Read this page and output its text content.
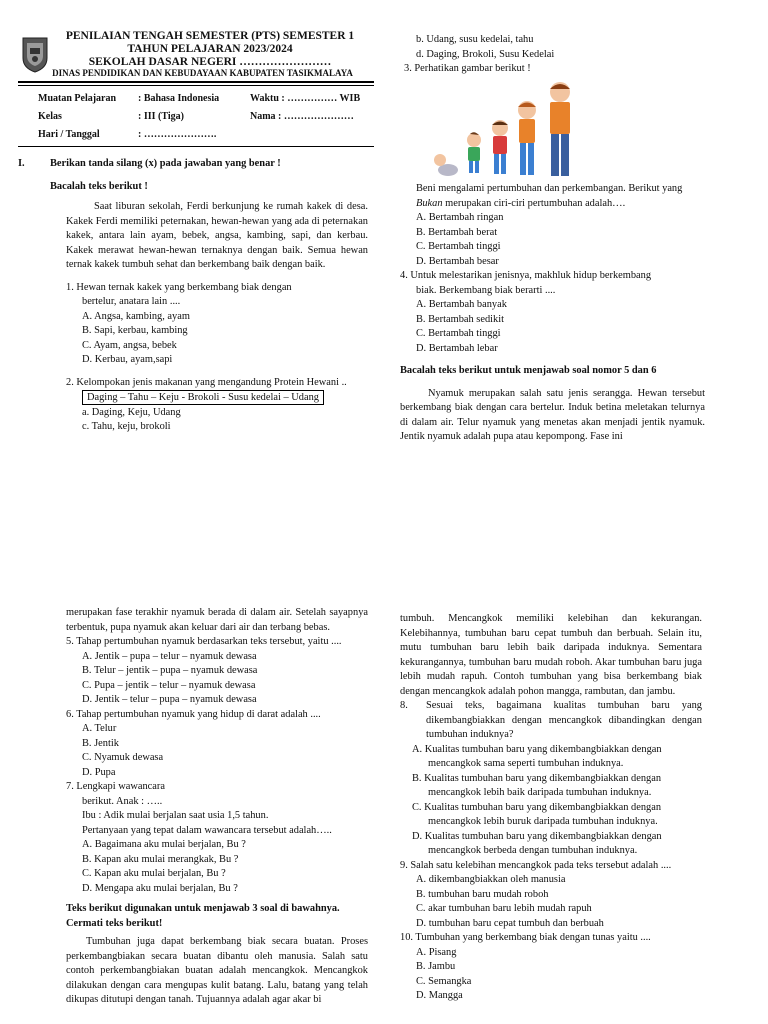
PENILAIAN TENGAH SEMESTER (PTS) SEMESTER 1
TAHUN PELAJARAN 2023/2024
SEKOLAH DASAR NEGERI ……………………
DINAS PENDIDIKAN DAN KEBUDAYAAN KABUPATEN TASIKMALAYA
Muatan Pelajaran	: Bahasa Indonesia	Waktu : …………… WIB
Kelas	: III (Tiga)	Nama : …………………
Hari / Tanggal	: ………………….	
I. Berikan tanda silang (x) pada jawaban yang benar !
Bacalah teks berikut !
Saat liburan sekolah, Ferdi berkunjung ke rumah kakek di desa. Kakek Ferdi memiliki peternakan, hewan-hewan yang ada di peternakan kakek, antara lain ayam, bebek, angsa, kambing, sapi, dan kerbau. Kakek merawat hewan-hewan ternaknya dengan baik. Semua hewan ternak kakek tumbuh sehat dan berkembang baik dengan baik.
1. Hewan ternak kakek yang berkembang biak dengan
bertelur, anatara lain ....
A. Angsa, kambing, ayam
B. Sapi, kerbau, kambing
C. Ayam, angsa, bebek
D. Kerbau, ayam,sapi
2. Kelompokan jenis makanan yang mengandung Protein Hewani ..
Daging – Tahu – Keju - Brokoli - Susu kedelai – Udang
a. Daging, Keju, Udang
c. Tahu, keju, brokoli
b. Udang, susu kedelai, tahu
d. Daging, Brokoli, Susu Kedelai
3. Perhatikan gambar berikut !
Beni mengalami pertumbuhan dan perkembangan. Berikut yang
Bukan merupakan ciri-ciri pertumbuhan adalah….
A. Bertambah ringan
B. Bertambah berat
C. Bertambah tinggi
D. Bertambah besar
4. Untuk melestarikan jenisnya, makhluk hidup berkembang
biak. Berkembang biak berarti ....
A. Bertambah banyak
B. Bertambah sedikit
C. Bertambah tinggi
D. Bertambah lebar
Bacalah teks berikut untuk menjawab soal nomor 5 dan 6
Nyamuk merupakan salah satu jenis serangga. Hewan tersebut berkembang biak dengan cara bertelur. Induk betina meletakan telurnya di dalam air. Telur nyamuk yang menetas akan menjadi jentik nyamuk. Jentik nyamuk adalah pupa atau kepompong. Fase ini
merupakan fase terakhir nyamuk berada di dalam air. Setelah sayapnya terbentuk, pupa nyamuk akan keluar dari air dan terbang bebas.
5. Tahap pertumbuhan nyamuk berdasarkan teks tersebut, yaitu ....
A. Jentik – pupa – telur – nyamuk dewasa
B. Telur – jentik – pupa – nyamuk dewasa
C. Pupa – jentik – telur – nyamuk dewasa
D. Jentik – telur – pupa – nyamuk dewasa
6. Tahap pertumbuhan nyamuk yang hidup di darat adalah ....
A. Telur
B. Jentik
C. Nyamuk dewasa
D. Pupa
7. Lengkapi wawancara
berikut. Anak : …..
Ibu : Adik mulai berjalan saat usia 1,5 tahun.
Pertanyaan yang tepat dalam wawancara tersebut adalah…..
A. Bagaimana aku mulai berjalan, Bu ?
B. Kapan aku mulai merangkak, Bu ?
C. Kapan aku mulai berjalan, Bu ?
D. Mengapa aku mulai berjalan, Bu ?
Teks berikut digunakan untuk menjawab 3 soal di bawahnya.
Cermati teks berikut!
Tumbuhan juga dapat berkembang biak secara buatan. Proses perkembangbiakan secara buatan dibantu oleh manusia. Salah satu contoh perkembangbiakan buatan adalah mencangkok. Mencangkok dilakukan dengan cara mengupas kulit batang. Lalu, batang yang telah dikupas ditutupi dengan tanah. Tujuannya adalah agar akar bi
tumbuh. Mencangkok memiliki kelebihan dan kekurangan. Kelebihannya, tumbuhan baru cepat tumbuh dan berbuah. Selain itu, mutu tumbuhan baru lebih baik daripada induknya. Sementara kekurangannya, tumbuhan baru mudah roboh. Akar tumbuhan baru juga lebih mudah rapuh. Contoh tumbuhan yang bisa berkembang biak dengan mencangkok adalah pohon mangga, rambutan, dan jambu.
8. Sesuai teks, bagaimana kualitas tumbuhan baru yang dikembangbiakkan dengan mencangkok dibandingkan dengan tumbuhan induknya?
A. Kualitas tumbuhan baru yang dikembangbiakkan dengan
mencangkok sama seperti tumbuhan induknya.
B. Kualitas tumbuhan baru yang dikembangbiakkan dengan
mencangkok lebih baik daripada tumbuhan induknya.
C. Kualitas tumbuhan baru yang dikembangbiakkan dengan
mencangkok lebih buruk daripada tumbuhan induknya.
D. Kualitas tumbuhan baru yang dikembangbiakkan dengan
mencangkok berbeda dengan tumbuhan induknya.
9. Salah satu kelebihan mencangkok pada teks tersebut adalah ....
A. dikembangbiakkan oleh manusia
B. tumbuhan baru mudah roboh
C. akar tumbuhan baru lebih mudah rapuh
D. tumbuhan baru cepat tumbuh dan berbuah
10. Tumbuhan yang berkembang biak dengan tunas yaitu ....
A. Pisang
B. Jambu
C. Semangka
D. Mangga
